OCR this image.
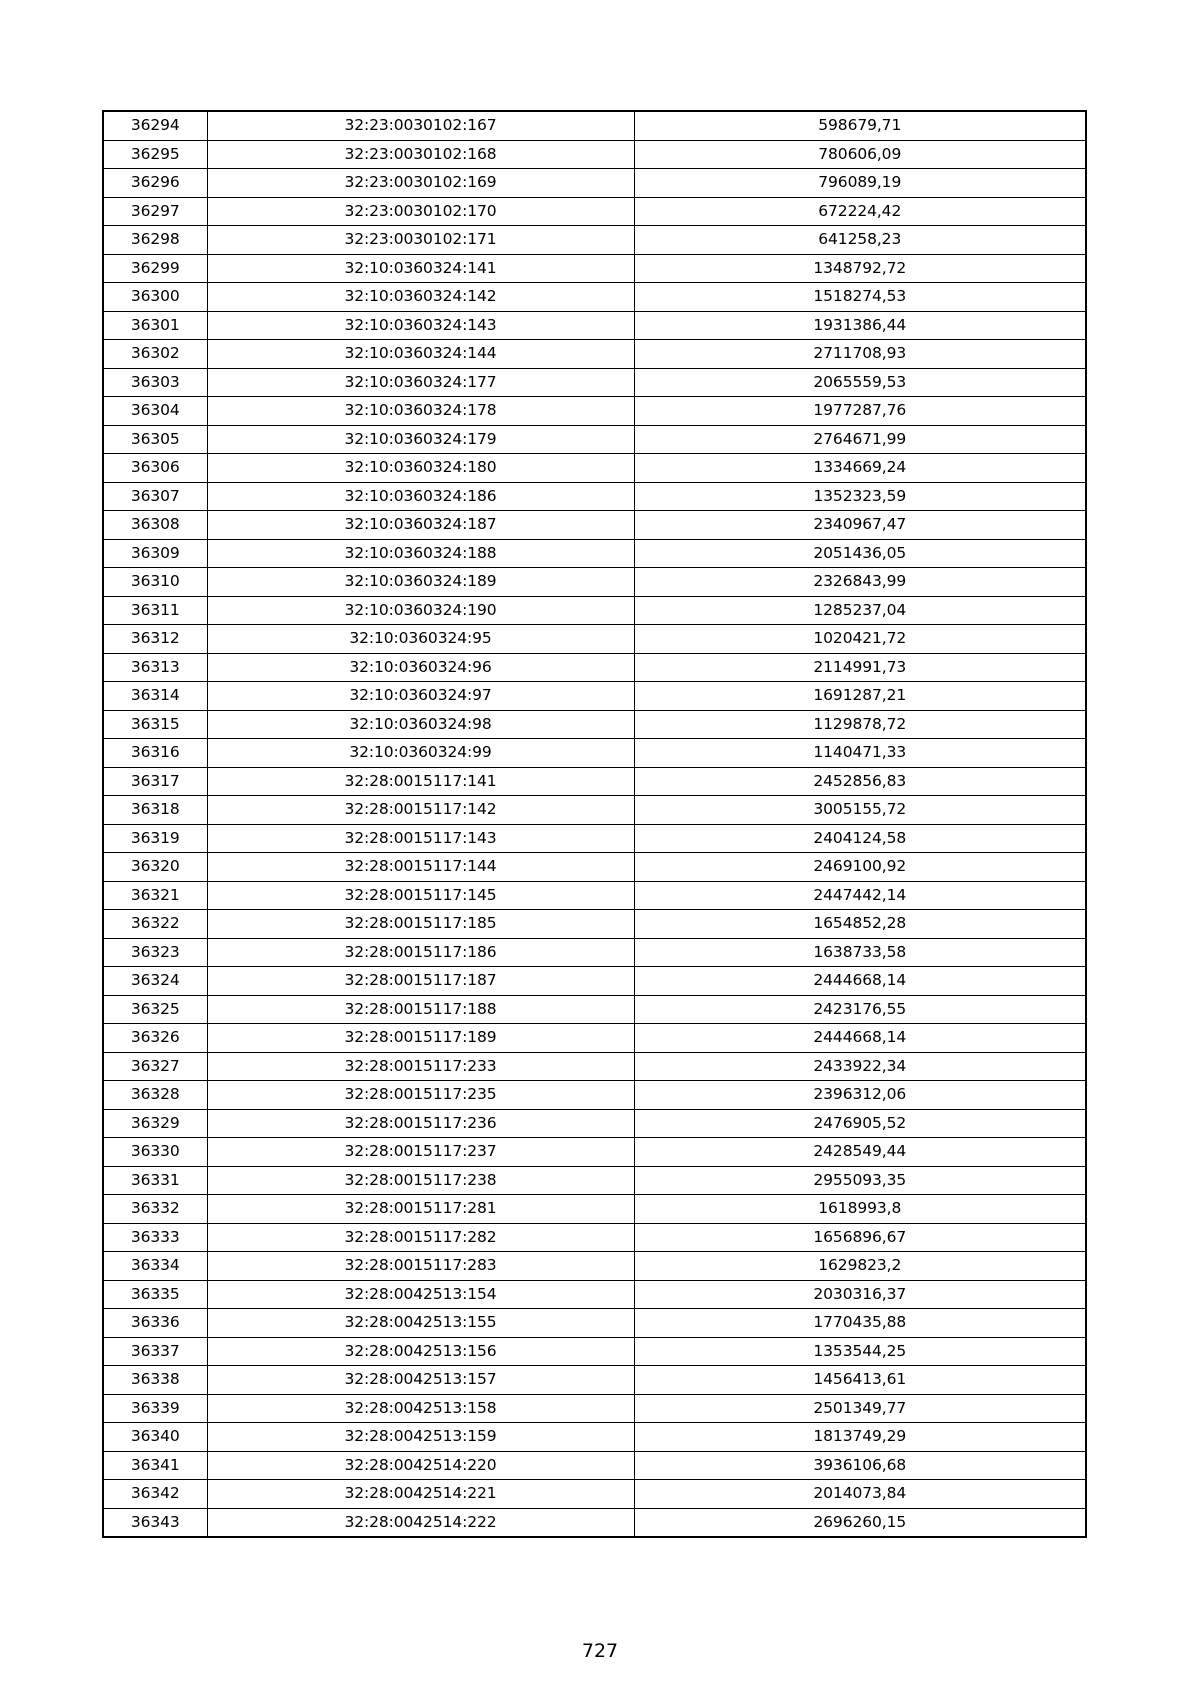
36294	32:23:0030102:167	598679,71
36295	32:23:0030102:168	780606,09
36296	32:23:0030102:169	796089,19
36297	32:23:0030102:170	672224,42
36298	32:23:0030102:171	641258,23
36299	32:10:0360324:141	1348792,72
36300	32:10:0360324:142	1518274,53
36301	32:10:0360324:143	1931386,44
36302	32:10:0360324:144	2711708,93
36303	32:10:0360324:177	2065559,53
36304	32:10:0360324:178	1977287,76
36305	32:10:0360324:179	2764671,99
36306	32:10:0360324:180	1334669,24
36307	32:10:0360324:186	1352323,59
36308	32:10:0360324:187	2340967,47
36309	32:10:0360324:188	2051436,05
36310	32:10:0360324:189	2326843,99
36311	32:10:0360324:190	1285237,04
36312	32:10:0360324:95	1020421,72
36313	32:10:0360324:96	2114991,73
36314	32:10:0360324:97	1691287,21
36315	32:10:0360324:98	1129878,72
36316	32:10:0360324:99	1140471,33
36317	32:28:0015117:141	2452856,83
36318	32:28:0015117:142	3005155,72
36319	32:28:0015117:143	2404124,58
36320	32:28:0015117:144	2469100,92
36321	32:28:0015117:145	2447442,14
36322	32:28:0015117:185	1654852,28
36323	32:28:0015117:186	1638733,58
36324	32:28:0015117:187	2444668,14
36325	32:28:0015117:188	2423176,55
36326	32:28:0015117:189	2444668,14
36327	32:28:0015117:233	2433922,34
36328	32:28:0015117:235	2396312,06
36329	32:28:0015117:236	2476905,52
36330	32:28:0015117:237	2428549,44
36331	32:28:0015117:238	2955093,35
36332	32:28:0015117:281	1618993,8
36333	32:28:0015117:282	1656896,67
36334	32:28:0015117:283	1629823,2
36335	32:28:0042513:154	2030316,37
36336	32:28:0042513:155	1770435,88
36337	32:28:0042513:156	1353544,25
36338	32:28:0042513:157	1456413,61
36339	32:28:0042513:158	2501349,77
36340	32:28:0042513:159	1813749,29
36341	32:28:0042514:220	3936106,68
36342	32:28:0042514:221	2014073,84
36343	32:28:0042514:222	2696260,15
727
